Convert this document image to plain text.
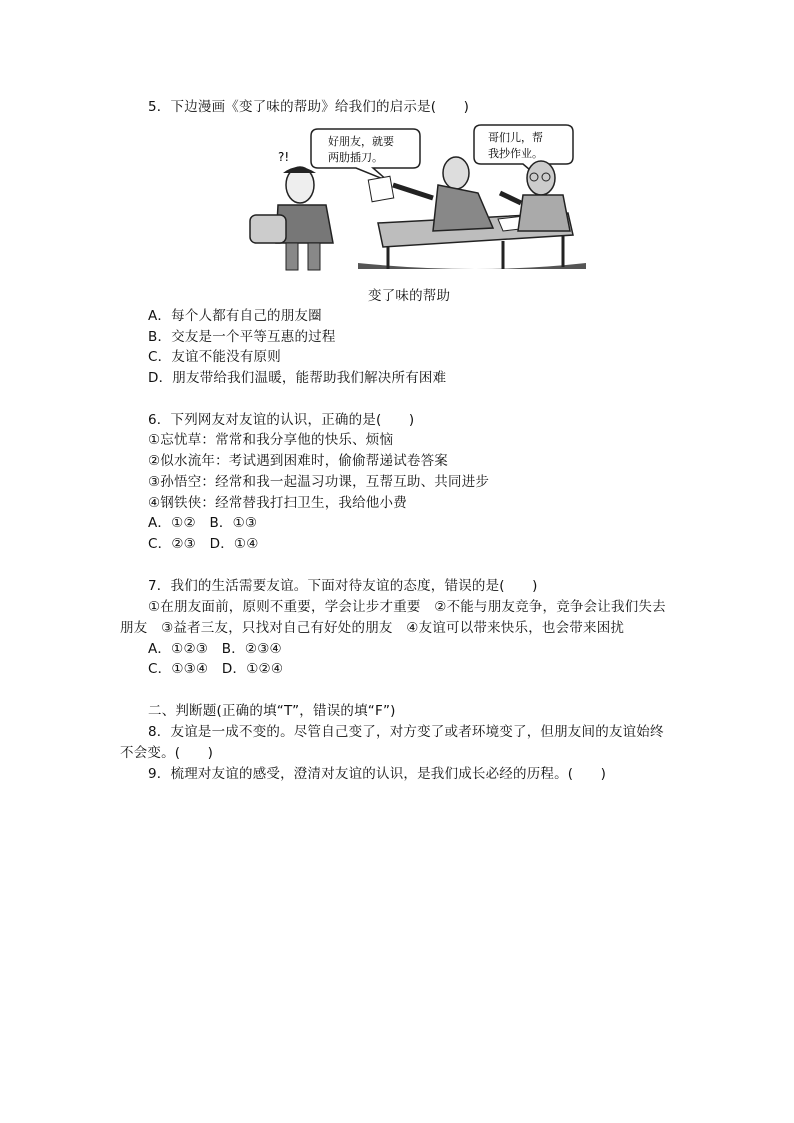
5．下边漫画《变了味的帮助》给我们的启示是(　　)
好朋友，就要
两肋插刀。
哥们儿，帮
我抄作业。
?!
变了味的帮助
A．每个人都有自己的朋友圈
B．交友是一个平等互惠的过程
C．友谊不能没有原则
D．朋友带给我们温暖，能帮助我们解决所有困难
6．下列网友对友谊的认识，正确的是(　　)
①忘忧草：常常和我分享他的快乐、烦恼
②似水流年：考试遇到困难时，偷偷帮递试卷答案
③孙悟空：经常和我一起温习功课，互帮互助、共同进步
④钢铁侠：经常替我打扫卫生，我给他小费
A．①②　B．①③
C．②③　D．①④
7．我们的生活需要友谊。下面对待友谊的态度，错误的是(　　)
①在朋友面前，原则不重要，学会让步才重要　②不能与朋友竞争，竞争会让我们失去
朋友　③益者三友，只找对自己有好处的朋友　④友谊可以带来快乐，也会带来困扰
A．①②③　B．②③④
C．①③④　D．①②④
二、判断题(正确的填“T”，错误的填“F”)
8．友谊是一成不变的。尽管自己变了，对方变了或者环境变了，但朋友间的友谊始终
不会变。(　　)
9．梳理对友谊的感受，澄清对友谊的认识，是我们成长必经的历程。(　　)
